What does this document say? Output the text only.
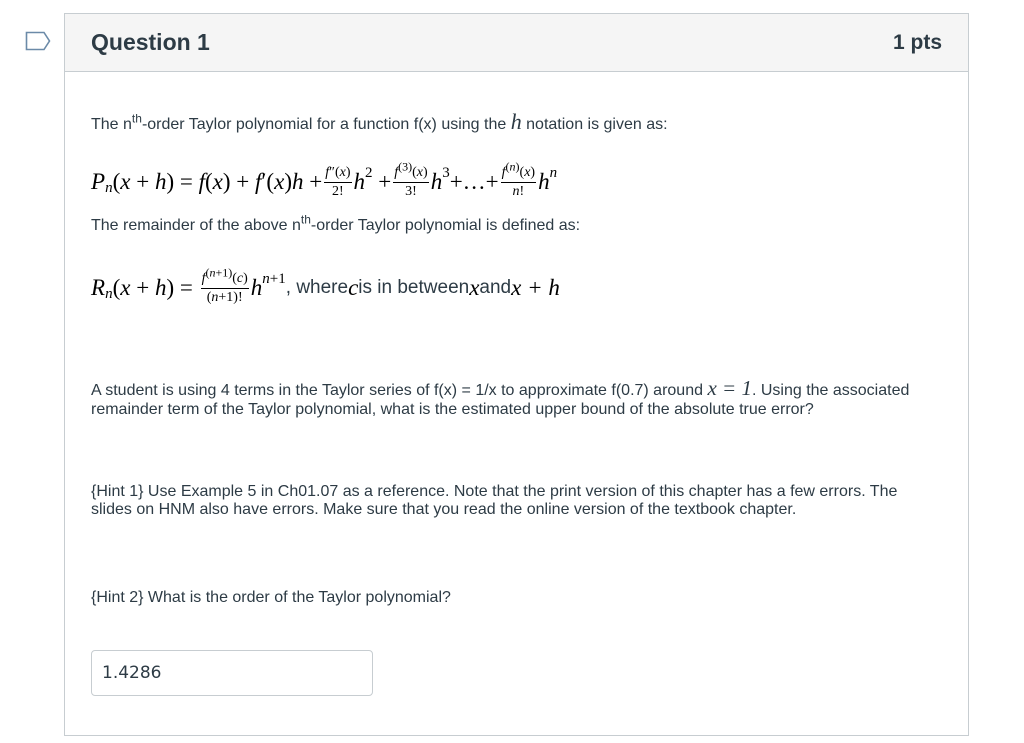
Question 1	1 pts
The $n^{th}$-order Taylor polynomial for a function f(x) using the h notation is given as:
P n ( x + h ) = f ( x ) + f ′( x ) $h + \frac{f''(x)}{2!}$ h $2 + \frac{f^{(3)}(x)}{3!}$ h 3 +…+ $\frac{f^{(n)}(x)}{n!}$ h n
The remainder of the above $n^{th}$-order Taylor polynomial is defined as:
R n ( x + h ) = $\frac{f^{(n+1)}(c)}{(n+1)!}$ h n+1 , where c is in between x and x + h
A student is using 4 terms in the Taylor series of f(x) = 1/x to approximate f(0.7) around x = 1. Using the associated remainder term of the Taylor polynomial, what is the estimated upper bound of the absolute true error?
{Hint 1} Use Example 5 in Ch01.07 as a reference. Note that the print version of this chapter has a few errors. The slides on HNM also have errors. Make sure that you read the online version of the textbook chapter.
{Hint 2} What is the order of the Taylor polynomial?
1.4286
